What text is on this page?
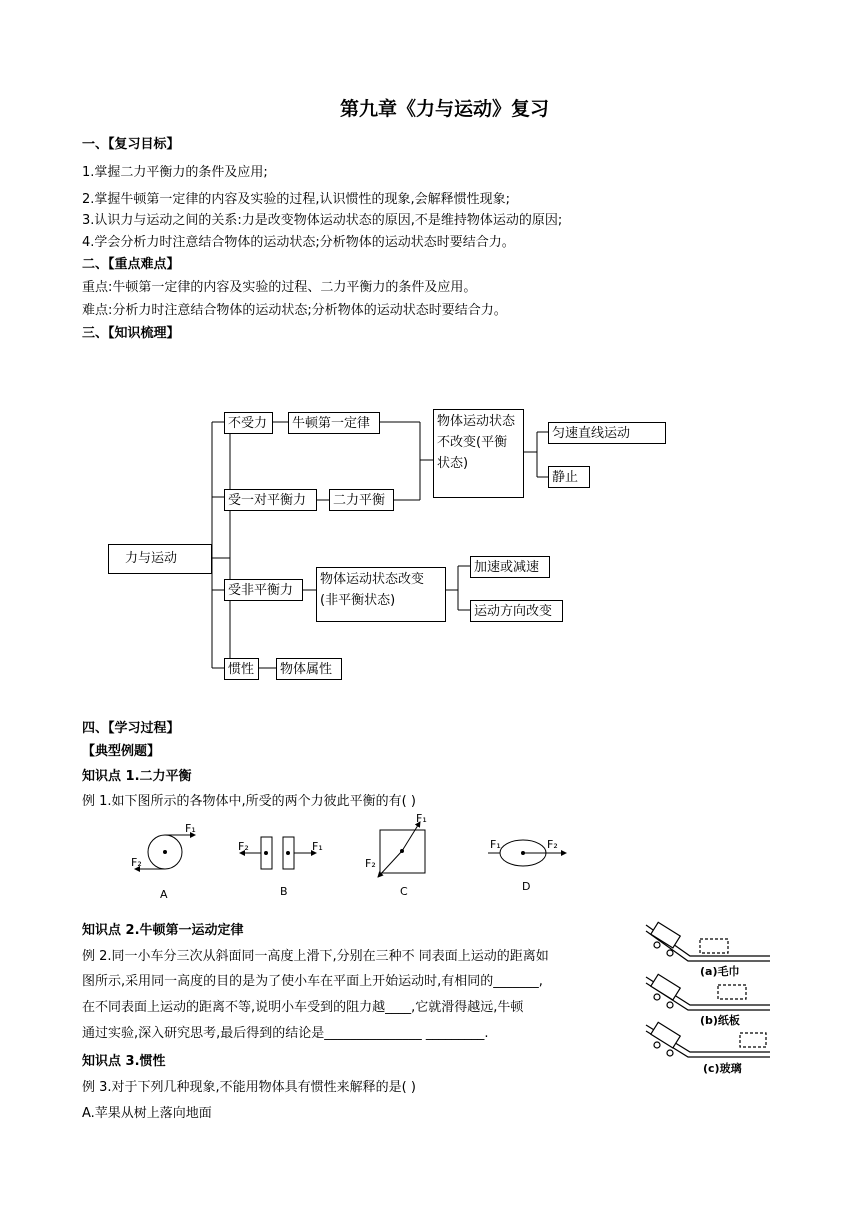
第九章《力与运动》复习
一、【复习目标】
1.掌握二力平衡力的条件及应用;
2.掌握牛顿第一定律的内容及实验的过程,认识惯性的现象,会解释惯性现象;
3.认识力与运动之间的关系:力是改变物体运动状态的原因,不是维持物体运动的原因;
4.学会分析力时注意结合物体的运动状态;分析物体的运动状态时要结合力。
二、【重点难点】
重点:牛顿第一定律的内容及实验的过程、二力平衡力的条件及应用。
难点:分析力时注意结合物体的运动状态;分析物体的运动状态时要结合力。
三、【知识梳理】
力与运动
不受力	牛顿第一定律
受一对平衡力	二力平衡
物体运动状态不改变(平衡状态)
匀速直线运动
静止
受非平衡力
物体运动状态改变(非平衡状态)
加速或减速
运动方向改变
惯性	物体属性
四、【学习过程】
【典型例题】
知识点 1.二力平衡
例 1.如下图所示的各物体中,所受的两个力彼此平衡的有( )
F₁
F₂
F₂	F₁
F₁
F₂
F₁	F₂
A	B	C	D
知识点 2.牛顿第一运动定律
例 2.同一小车分三次从斜面同一高度上滑下,分别在三种不 同表面上运动的距离如
图所示,采用同一高度的目的是为了使小车在平面上开始运动时,有相同的_______,
在不同表面上运动的距离不等,说明小车受到的阻力越____,它就滑得越远,牛顿
通过实验,深入研究思考,最后得到的结论是_______________ _________.
(a)毛巾
(b)纸板
(c)玻璃
知识点 3.惯性
例 3.对于下列几种现象,不能用物体具有惯性来解释的是( )
A.苹果从树上落向地面
